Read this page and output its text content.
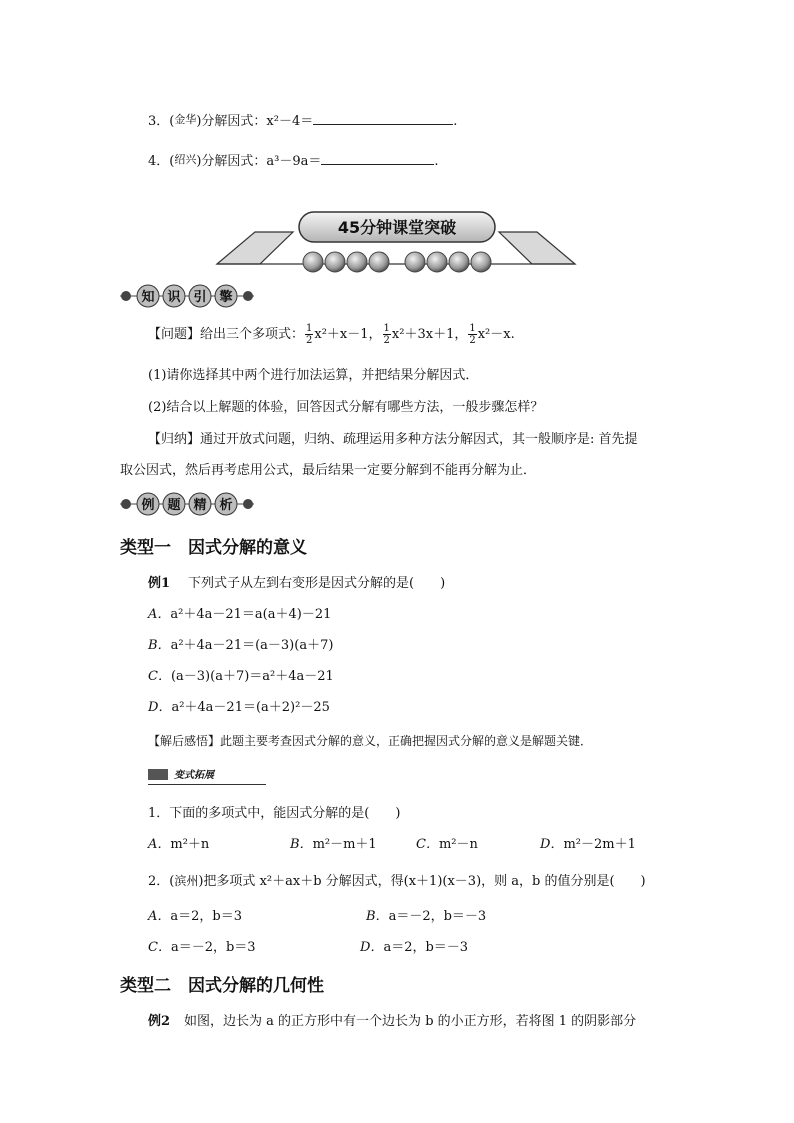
3．(金华)分解因式：x²－4＝	.
4．(绍兴)分解因式：a³－9a＝	.
45分钟课堂突破
知 识 引 擎
【问题】给出三个多项式： $\frac{1}{2} x^2+x-1$， $\frac{1}{2} x^2+3x+1$， $\frac{1}{2} x^2-x$.
(1)请你选择其中两个进行加法运算，并把结果分解因式．
(2)结合以上解题的体验，回答因式分解有哪些方法，一般步骤怎样？
【归纳】通过开放式问题，归纳、疏理运用多种方法分解因式，其一般顺序是: 首先提
取公因式，然后再考虑用公式，最后结果一定要分解到不能再分解为止．
例 题 精 析
类型一　因式分解的意义
例1 下列式子从左到右变形是因式分解的是(　　)
A．a²＋4a－21＝a(a＋4)－21
B．a²＋4a－21＝(a－3)(a＋7)
C．(a－3)(a＋7)＝a²＋4a－21
D．a²＋4a－21＝(a＋2)²－25
【解后感悟】此题主要考查因式分解的意义，正确把握因式分解的意义是解题关键．
变式拓展
1．下面的多项式中，能因式分解的是(　　)
A．m²＋n	B．m²－m＋1	C．m²－n	D．m²－2m＋1
2．(滨州)把多项式 x²＋ax＋b 分解因式，得(x＋1)(x－3)，则 a，b 的值分别是(　　)
A．a＝2，b＝3	B．a＝－2，b＝－3
C．a＝－2，b＝3	D．a＝2，b＝－3
类型二　因式分解的几何性
例2 如图，边长为 a 的正方形中有一个边长为 b 的小正方形，若将图 1 的阴影部分
